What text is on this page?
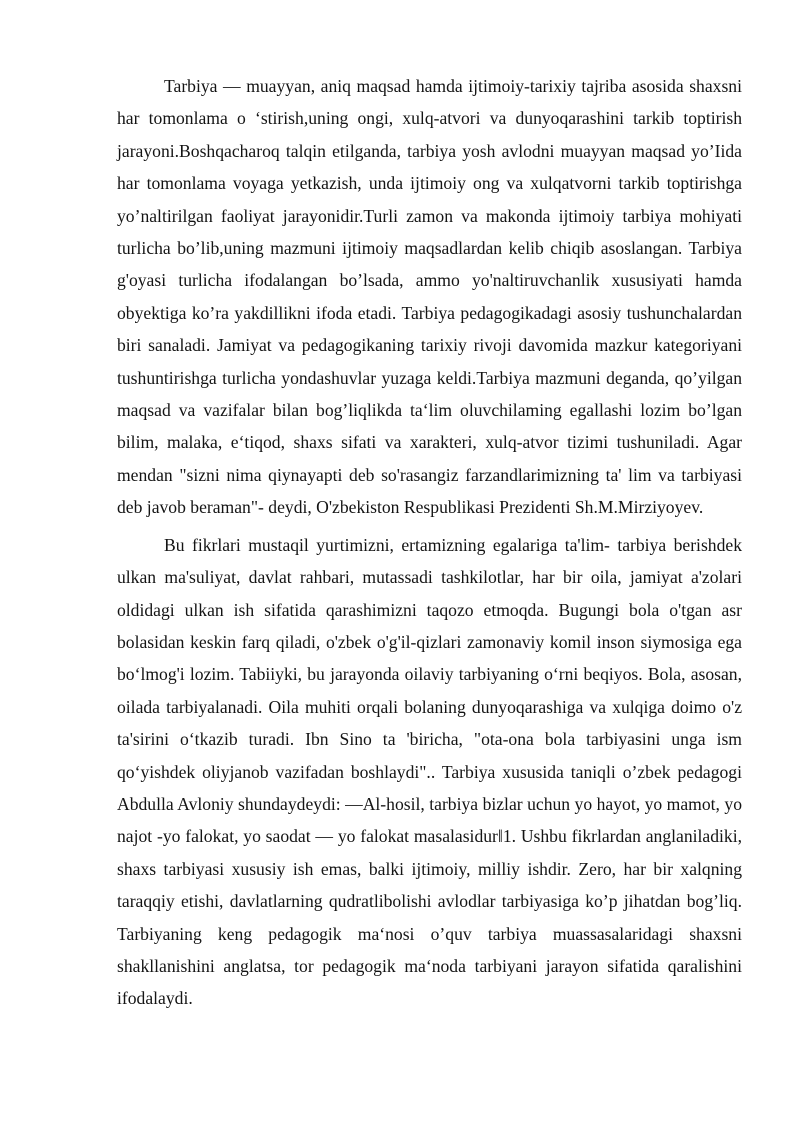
Tarbiya — muayyan, aniq maqsad hamda ijtimoiy-tarixiy tajriba asosida shaxsni har tomonlama o ‘stirish,uning ongi, xulq-atvori va dunyoqarashini tarkib toptirish jarayoni.Boshqacharoq talqin etilganda, tarbiya yosh avlodni muayyan maqsad yo’Iida har tomonlama voyaga yetkazish, unda ijtimoiy ong va xulqatvorni tarkib toptirishga yo’naltirilgan faoliyat jarayonidir.Turli zamon va makonda ijtimoiy tarbiya mohiyati turlicha bo’lib,uning mazmuni ijtimoiy maqsadlardan kelib chiqib asoslangan. Tarbiya g'oyasi turlicha ifodalangan bo’lsada, ammo yo'naltiruvchanlik xususiyati hamda obyektiga ko’ra yakdillikni ifoda etadi. Tarbiya pedagogikadagi asosiy tushunchalardan biri sanaladi. Jamiyat va pedagogikaning tarixiy rivoji davomida mazkur kategoriyani tushuntirishga turlicha yondashuvlar yuzaga keldi.Tarbiya mazmuni deganda, qo’yilgan maqsad va vazifalar bilan bog’liqlikda ta‘lim oluvchilaming egallashi lozim bo’lgan bilim, malaka, e‘tiqod, shaxs sifati va xarakteri, xulq-atvor tizimi tushuniladi. Agar mendan "sizni nima qiynayapti deb so'rasangiz farzandlarimizning ta' lim va tarbiyasi deb javob beraman"- deydi, O'zbekiston Respublikasi Prezidenti Sh.M.Mirziyoyev.

Bu fikrlari mustaqil yurtimizni, ertamizning egalariga ta'lim- tarbiya berishdek ulkan ma'suliyat, davlat rahbari, mutassadi tashkilotlar, har bir oila, jamiyat a'zolari oldidagi ulkan ish sifatida qarashimizni taqozo etmoqda. Bugungi bola o'tgan asr bolasidan keskin farq qiladi, o'zbek o'g'il-qizlari zamonaviy komil inson siymosiga ega bo‘lmog'i lozim. Tabiiyki, bu jarayonda oilaviy tarbiyaning o‘rni beqiyos. Bola, asosan, oilada tarbiyalanadi. Oila muhiti orqali bolaning dunyoqarashiga va xulqiga doimo o'z ta'sirini o‘tkazib turadi. Ibn Sino ta 'biricha, "ota-ona bola tarbiyasini unga ism qo‘yishdek oliyjanob vazifadan boshlaydi".. Tarbiya xususida taniqli o’zbek pedagogi Abdulla Avloniy shundaydeydi: ―Al-hosil, tarbiya bizlar uchun yo hayot, yo mamot, yo najot -yo falokat, yo saodat — yo falokat masalasidur‖1. Ushbu fikrlardan anglaniladiki, shaxs tarbiyasi xususiy ish emas, balki ijtimoiy, milliy ishdir. Zero, har bir xalqning taraqqiy etishi, davlatlarning qudratlibolishi avlodlar tarbiyasiga ko’p jihatdan bog’liq. Tarbiyaning keng pedagogik ma‘nosi o’quv tarbiya muassasalaridagi shaxsni shakllanishini anglatsa, tor pedagogik ma‘noda tarbiyani jarayon sifatida qaralishini ifodalaydi.
